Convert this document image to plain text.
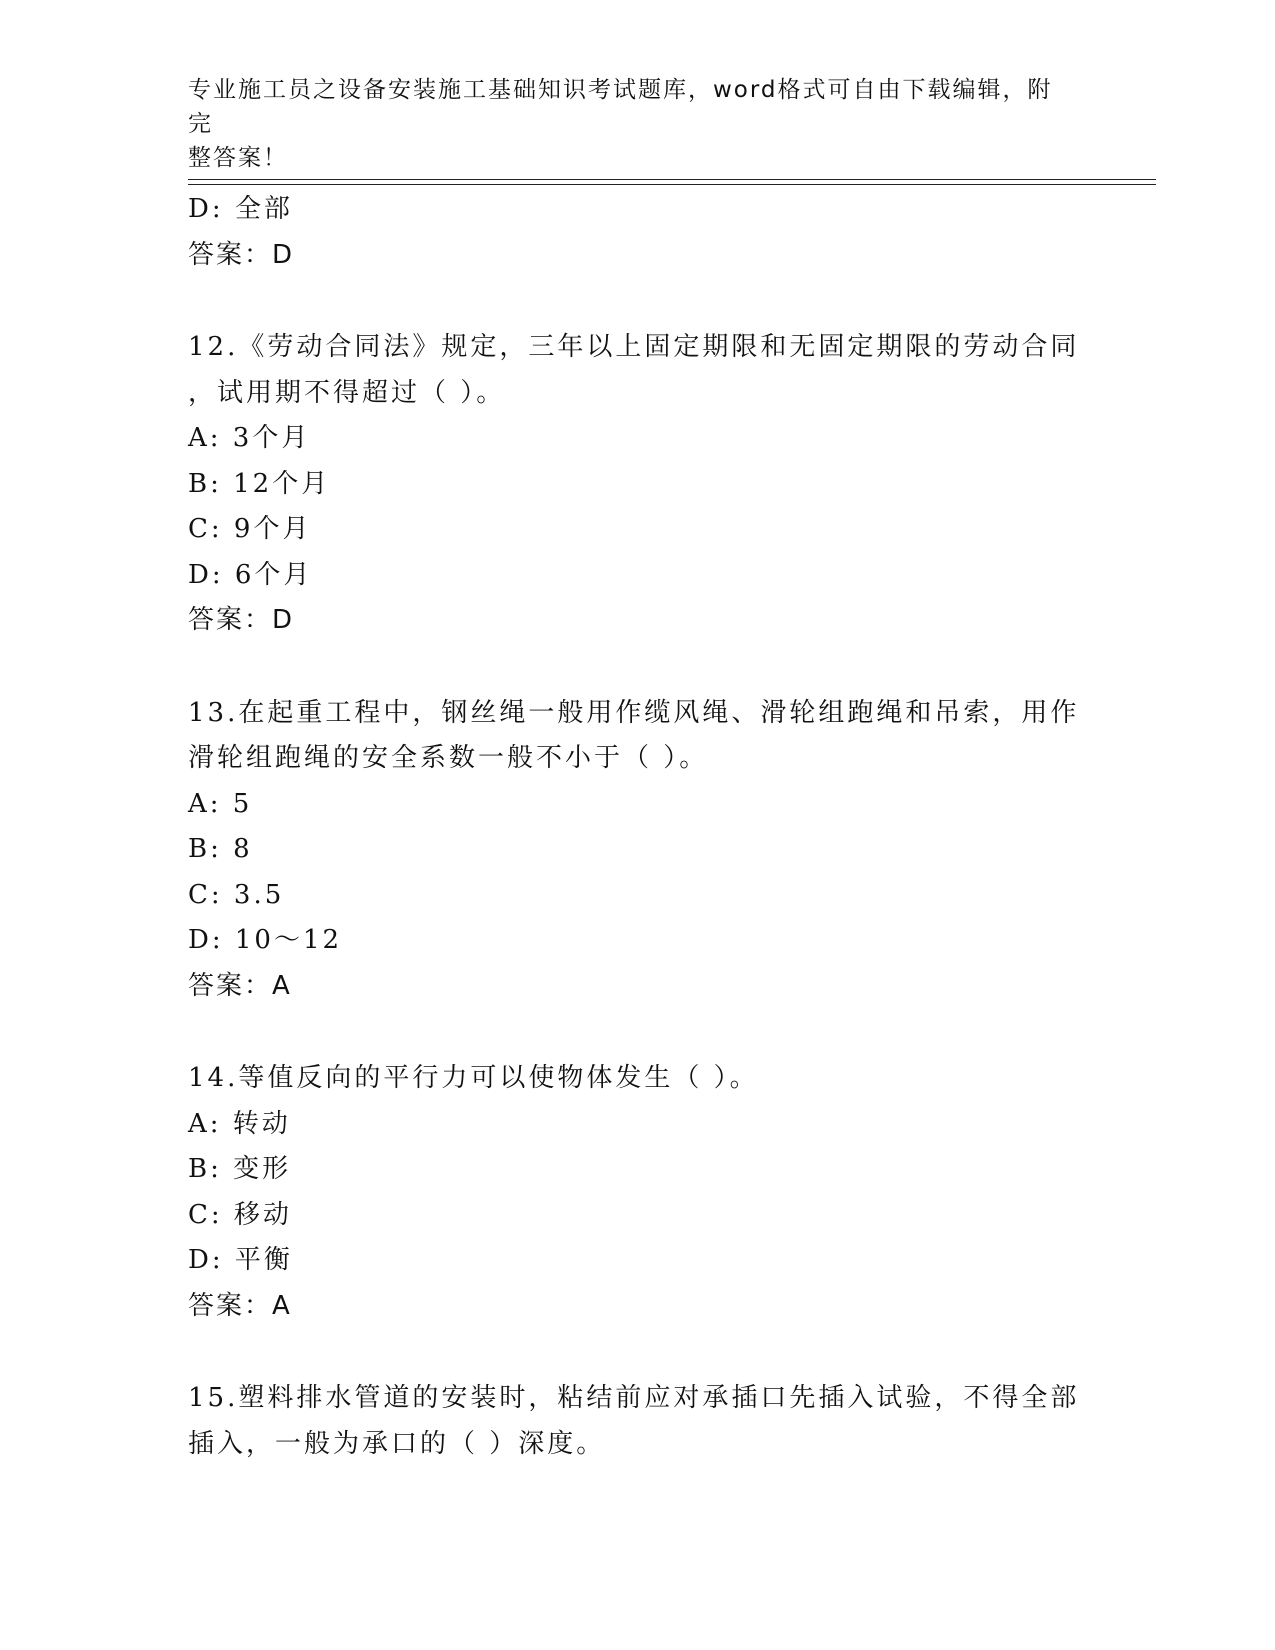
专业施工员之设备安装施工基础知识考试题库，word格式可自由下载编辑，附完
整答案！
D: 全部
答案：D
12.《劳动合同法》规定，三年以上固定期限和无固定期限的劳动合同
，试用期不得超过（ ）。
A: 3个月
B: 12个月
C: 9个月
D: 6个月
答案：D
13.在起重工程中，钢丝绳一般用作缆风绳、滑轮组跑绳和吊索，用作
滑轮组跑绳的安全系数一般不小于（ ）。
A: 5
B: 8
C: 3.5
D: 10～12
答案：A
14.等值反向的平行力可以使物体发生（ ）。
A: 转动
B: 变形
C: 移动
D: 平衡
答案：A
15.塑料排水管道的安装时，粘结前应对承插口先插入试验，不得全部
插入，一般为承口的（ ）深度。
